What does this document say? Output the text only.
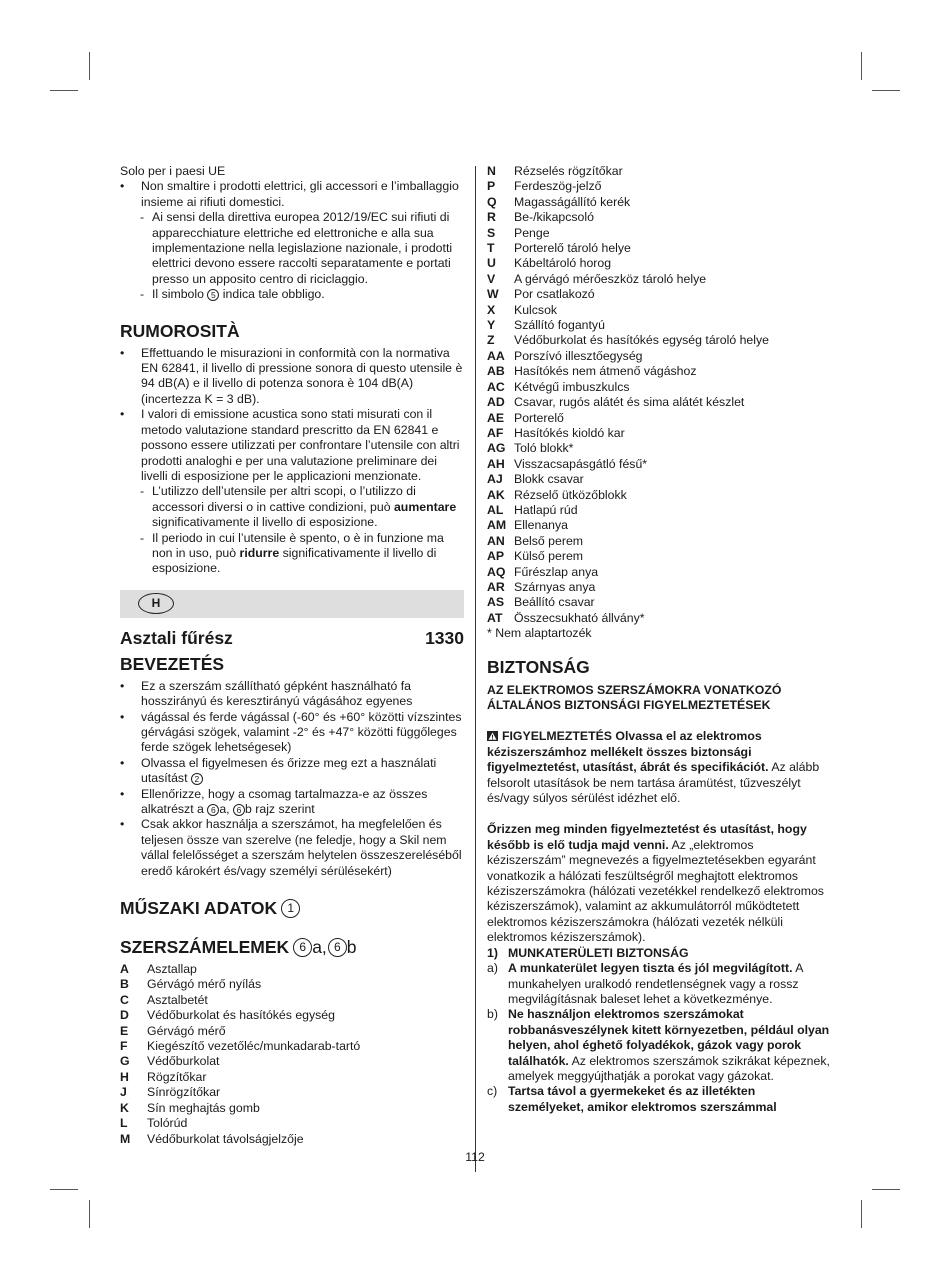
Solo per i paesi UE

• Non smaltire i prodotti elettrici, gli accessori e l’imballaggio insieme ai rifiuti domestici.
- Ai sensi della direttiva europea 2012/19/EC sui rifiuti di apparecchiature elettriche ed elettroniche e alla sua implementazione nella legislazione nazionale, i prodotti elettrici devono essere raccolti separatamente e portati presso un apposito centro di riciclaggio.
- Il simbolo 5 indica tale obbligo.
RUMOROSITÀ
• Effettuando le misurazioni in conformità con la normativa EN 62841, il livello di pressione sonora di questo utensile è 94 dB(A) e il livello di potenza sonora è 104 dB(A) (incertezza K = 3 dB).
• I valori di emissione acustica sono stati misurati con il metodo valutazione standard prescritto da EN 62841 e possono essere utilizzati per confrontare l’utensile con altri prodotti analoghi e per una valutazione preliminare dei livelli di esposizione per le applicazioni menzionate.
- L’utilizzo dell’utensile per altri scopi, o l’utilizzo di accessori diversi o in cattive condizioni, può aumentare significativamente il livello di esposizione.
- Il periodo in cui l’utensile è spento, o è in funzione ma non in uso, può ridurre significativamente il livello di esposizione.
H
Asztali fűrész	1330
BEVEZETÉS
• Ez a szerszám szállítható gépként használható fa hosszirányú és keresztirányú vágásához egyenes
• vágással és ferde vágással (-60° és +60° közötti vízszintes gérvágási szögek, valamint -2° és +47° közötti függőleges ferde szögek lehetségesek)
• Olvassa el figyelmesen és őrizze meg ezt a használati utasítást 2
• Ellenőrizze, hogy a csomag tartalmazza-e az összes alkatrészt a 6 a, 6 b rajz szerint
• Csak akkor használja a szerszámot, ha megfelelően és teljesen össze van szerelve (ne feledje, hogy a Skil nem vállal felelősséget a szerszám helytelen összeszereléséből eredő károkért és/vagy személyi sérülésekért)
MŰSZAKI ADATOK 1
SZERSZÁMELEMEK 6 a, 6 b
A	Asztallap
B	Gérvágó mérő nyílás
C	Asztalbetét
D	Védőburkolat és hasítókés egység
E	Gérvágó mérő
F	Kiegészítő vezetőléc/munkadarab-tartó
G	Védőburkolat
H	Rögzítőkar
J	Sínrögzítőkar
K	Sín meghajtás gomb
L	Tolórúd
M	Védőburkolat távolságjelzője
N	Rézselés rögzítőkar
P	Ferdeszög-jelző
Q	Magasságállító kerék
R	Be-/kikapcsoló
S	Penge
T	Porterelő tároló helye
U	Kábeltároló horog
V	A gérvágó mérőeszköz tároló helye
W	Por csatlakozó
X	Kulcsok
Y	Szállító fogantyú
Z	Védőburkolat és hasítókés egység tároló helye
AA Porszívó illesztőegység
AB Hasítókés nem átmenő vágáshoz
AC Kétvégű imbuszkulcs
AD Csavar, rugós alátét és sima alátét készlet
AE Porterelő
AF Hasítókés kioldó kar
AG Toló blokk*
AH Visszacsapásgátló fésű*
AJ Blokk csavar
AK Rézselő ütközőblokk
AL Hatlapú rúd
AM Ellenanya
AN Belső perem
AP Külső perem
AQ Fűrészlap anya
AR Szárnyas anya
AS Beállító csavar
AT Összecsukható állvány*

* Nem alaptartozék

BIZTONSÁG

AZ ELEKTROMOS SZERSZÁMOKRA VONATKOZÓ ÁLTALÁNOS BIZTONSÁGI FIGYELMEZTETÉSEK

FIGYELMEZTETÉS Olvassa el az elektromos kéziszerszámhoz mellékelt összes biztonsági figyelmeztetést, utasítást, ábrát és specifikációt. Az alább felsorolt utasítások be nem tartása áramütést, tűzveszélyt és/vagy súlyos sérülést idézhet elő.

Őrizzen meg minden figyelmeztetést és utasítást, hogy később is elő tudja majd venni. Az „elektromos kéziszerszám” megnevezés a figyelmeztetésekben egyaránt vonatkozik a hálózati feszültségről meghajtott elektromos kéziszerszámokra (hálózati vezetékkel rendelkező elektromos kéziszerszámok), valamint az akkumulátorról működtetett elektromos kéziszerszámokra (hálózati vezeték nélküli elektromos kéziszerszámok).

1) MUNKATERÜLETI BIZTONSÁG
a) A munkaterület legyen tiszta és jól megvilágított. A munkahelyen uralkodó rendetlenségnek vagy a rossz megvilágításnak baleset lehet a következménye.
b) Ne használjon elektromos szerszámokat robbanásveszélynek kitett környezetben, például olyan helyen, ahol éghető folyadékok, gázok vagy porok találhatók. Az elektromos szerszámok szikrákat képeznek, amelyek meggyújthatják a porokat vagy gázokat.
c) Tartsa távol a gyermekeket és az illetékten személyeket, amikor elektromos szerszámmal
112
